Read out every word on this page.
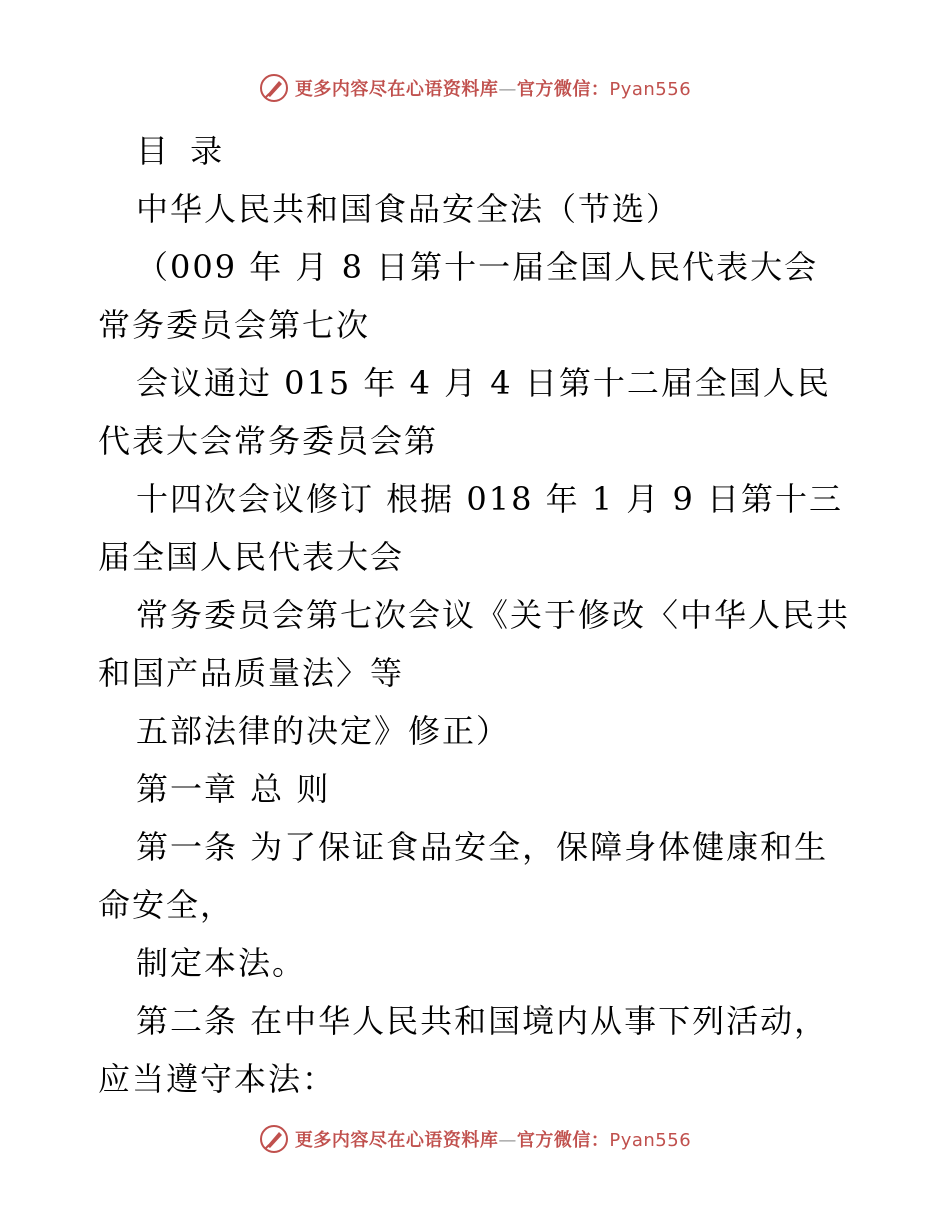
更多内容尽在心语资料库—官方微信：Pyan556
目 录
中华人民共和国食品安全法（节选）
（009 年 月 8 日第十一届全国人民代表大会
常务委员会第七次
会议通过 015 年 4 月 4 日第十二届全国人民
代表大会常务委员会第
十四次会议修订 根据 018 年 1 月 9 日第十三
届全国人民代表大会
常务委员会第七次会议《关于修改〈中华人民共
和国产品质量法〉等
五部法律的决定》修正）
第一章 总 则
第一条 为了保证食品安全，保障身体健康和生
命安全，
制定本法。
第二条 在中华人民共和国境内从事下列活动，
应当遵守本法：
更多内容尽在心语资料库—官方微信：Pyan556
